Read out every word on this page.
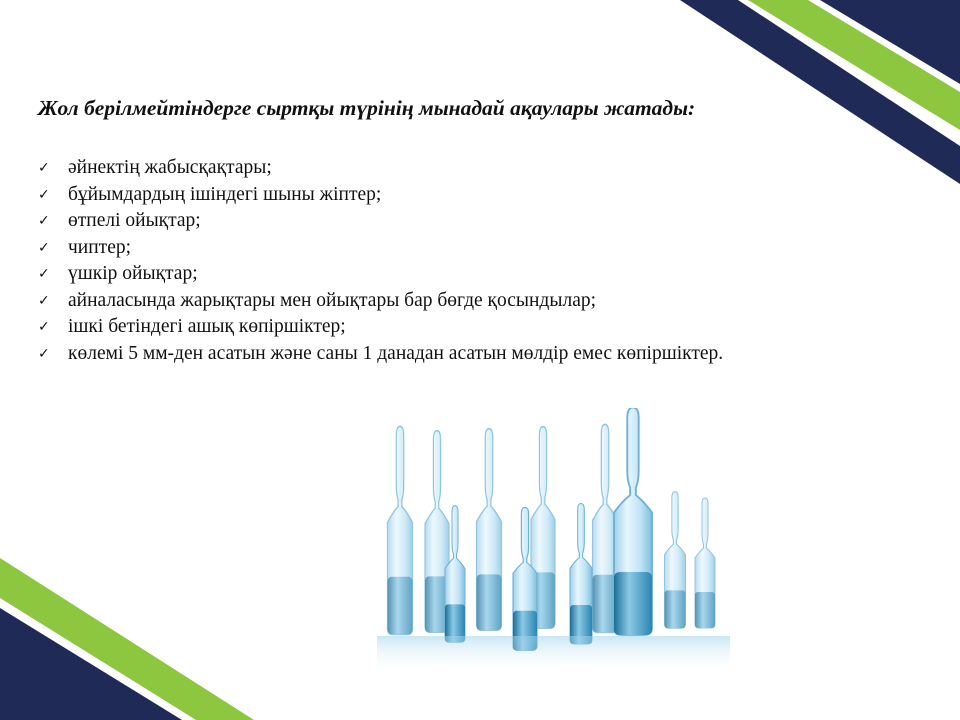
Жол берілмейтіндерге сыртқы түрінің мынадай ақаулары жатады:
✓ әйнектің жабысқақтары;
✓ бұйымдардың ішіндегі шыны жіптер;
✓ өтпелі ойықтар;
✓ чиптер;
✓ үшкір ойықтар;
✓ айналасында жарықтары мен ойықтары бар бөгде қосындылар;
✓ ішкі бетіндегі ашық көпіршіктер;
✓ көлемі 5 мм-ден асатын және саны 1 данадан асатын мөлдір емес көпіршіктер.
